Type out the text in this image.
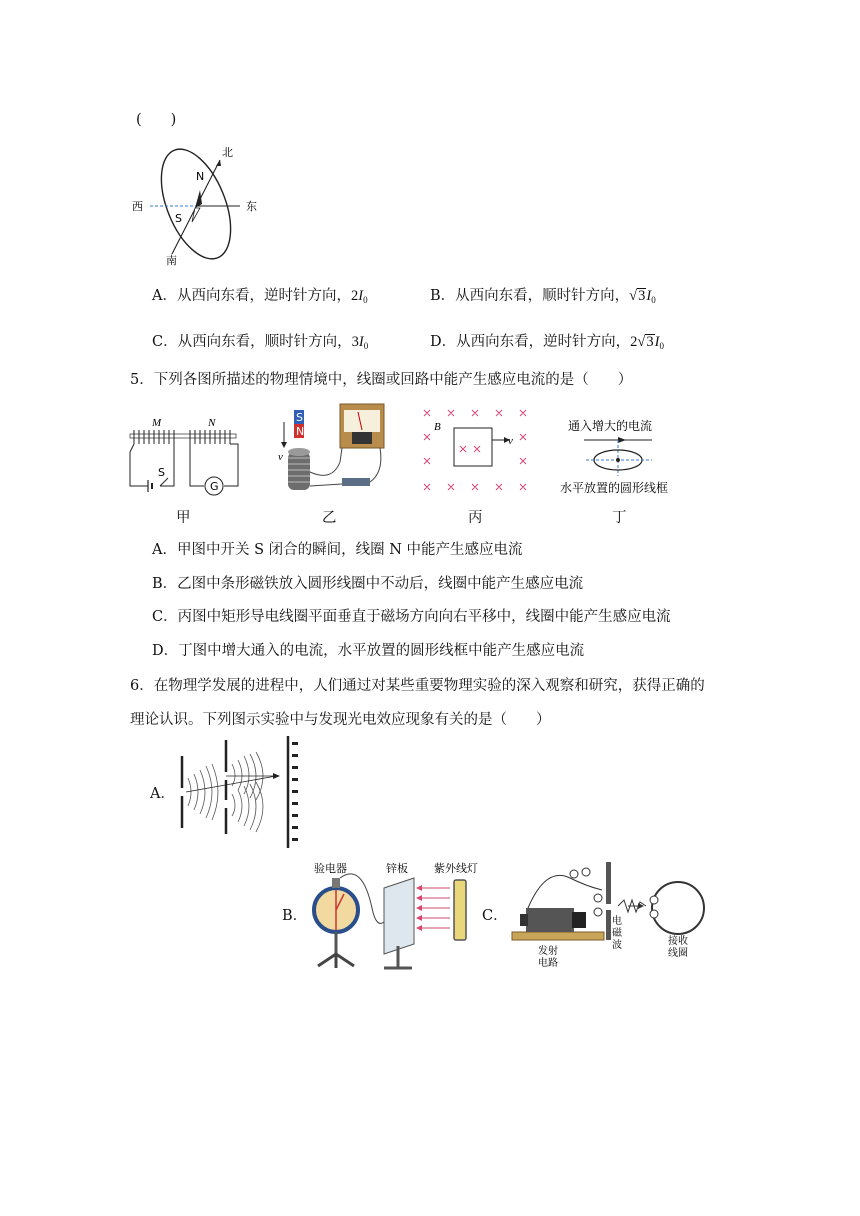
(　　)
北
南
东
西
N
S
A．从西向东看，逆时针方向，$2I_0$	B．从西向东看，顺时针方向，$√3I_0$
C．从西向东看，顺时针方向，$3I_0$	D．从西向东看，逆时针方向，$2√3I_0$
5．下列各图所描述的物理情境中，线圈或回路中能产生感应电流的是（　　）
M	N
S
G
甲
S
N
v
乙
B
v
丙
通入增大的电流
水平放置的圆形线框
丁
A．甲图中开关 S 闭合的瞬间，线圈 N 中能产生感应电流
B．乙图中条形磁铁放入圆形线圈中不动后，线圈中能产生感应电流
C．丙图中矩形导电线圈平面垂直于磁场方向向右平移中，线圈中能产生感应电流
D．丁图中增大通入的电流，水平放置的圆形线框中能产生感应电流
6．在物理学发展的进程中，人们通过对某些重要物理实验的深入观察和研究，获得正确的
理论认识。下列图示实验中与发现光电效应现象有关的是（　　）
A．
B．
验电器	锌板 紫外线灯
C．
发射
电路
电
磁
波	接收
线圈
